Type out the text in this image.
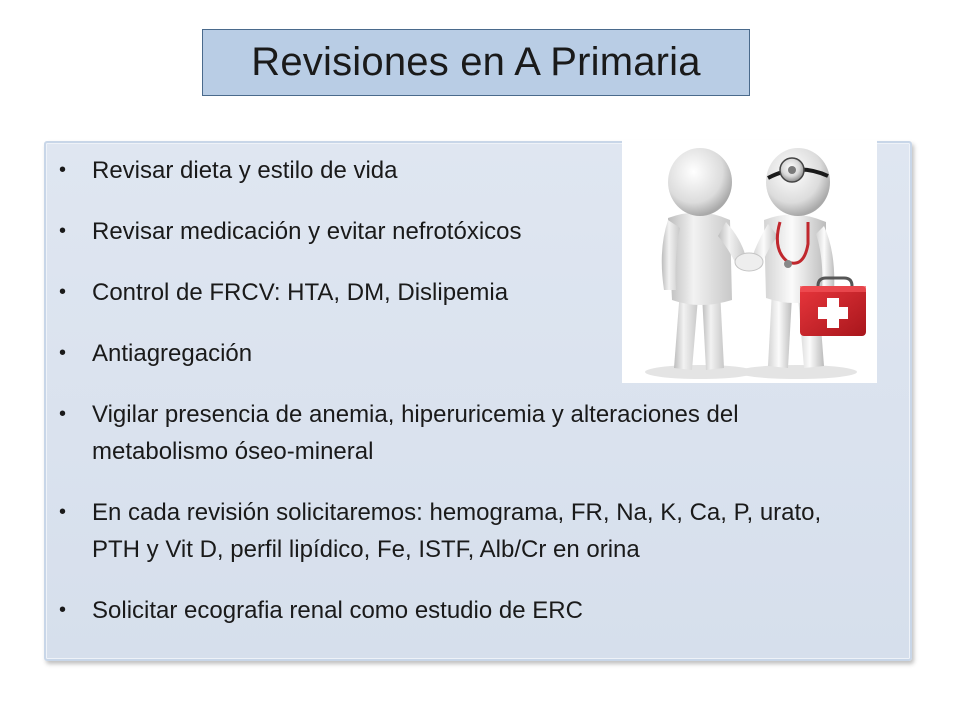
Revisiones en A Primaria
• Revisar dieta y estilo de vida
• Revisar medicación y evitar nefrotóxicos
• Control de FRCV: HTA, DM, Dislipemia
• Antiagregación
• Vigilar presencia de anemia, hiperuricemia y alteraciones del metabolismo óseo-mineral
• En cada revisión solicitaremos: hemograma, FR, Na, K, Ca, P, urato, PTH y Vit D, perfil lipídico, Fe, ISTF, Alb/Cr en orina
• Solicitar ecografia renal como estudio de ERC
